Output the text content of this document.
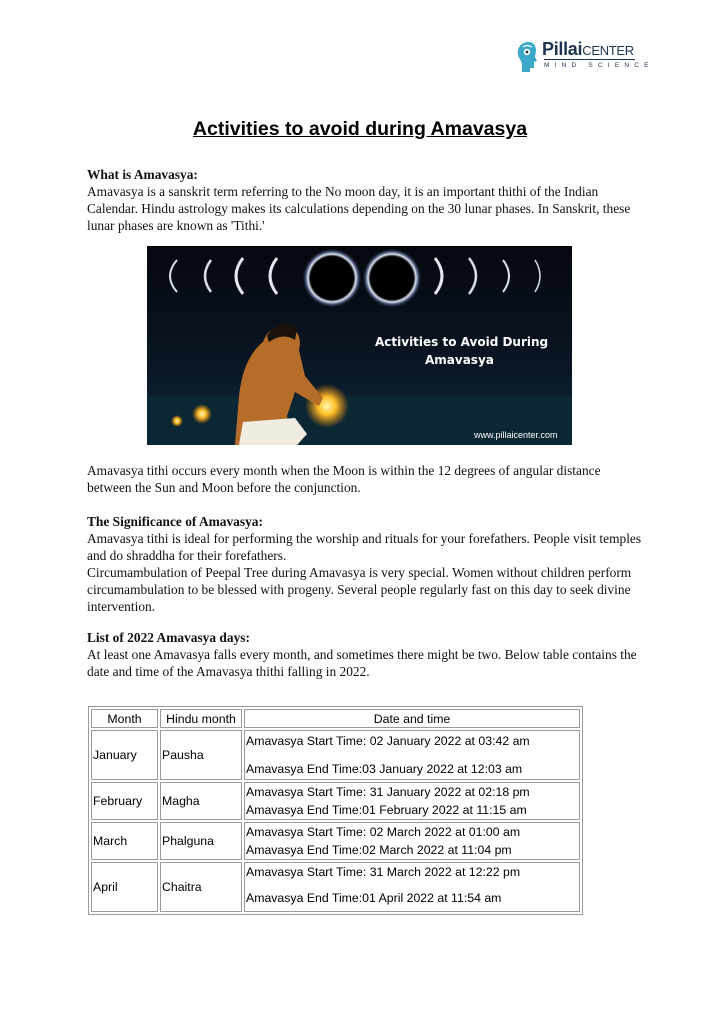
PillaiCENTER
MIND SCIENCE
Activities to avoid during Amavasya
What is Amavasya:

Amavasya is a sanskrit term referring to the No moon day, it is an important thithi of the Indian Calendar. Hindu astrology makes its calculations depending on the 30 lunar phases. In Sanskrit, these lunar phases are known as 'Tithi.'

Activities to Avoid During
Amavasya
www.pillaicenter.com

Amavasya tithi occurs every month when the Moon is within the 12 degrees of angular distance between the Sun and Moon before the conjunction.

The Significance of Amavasya:

Amavasya tithi is ideal for performing the worship and rituals for your forefathers. People visit temples and do shraddha for their forefathers.

Circumambulation of Peepal Tree during Amavasya is very special. Women without children perform circumambulation to be blessed with progeny. Several people regularly fast on this day to seek divine intervention.

List of 2022 Amavasya days:

At least one Amavasya falls every month, and sometimes there might be two. Below table contains the date and time of the Amavasya thithi falling in 2022.

Month	Hindu month	Date and time
January	Pausha	Amavasya Start Time: 02 January 2022 at 03:42 am
Amavasya End Time:03 January 2022 at 12:03 am

February	Magha	Amavasya Start Time: 31 January 2022 at 02:18 pm
Amavasya End Time:01 February 2022 at 11:15 am

March	Phalguna	Amavasya Start Time: 02 March 2022 at 01:00 am
Amavasya End Time:02 March 2022 at 11:04 pm

April	Chaitra	Amavasya Start Time: 31 March 2022 at 12:22 pm
Amavasya End Time:01 April 2022 at 11:54 am
